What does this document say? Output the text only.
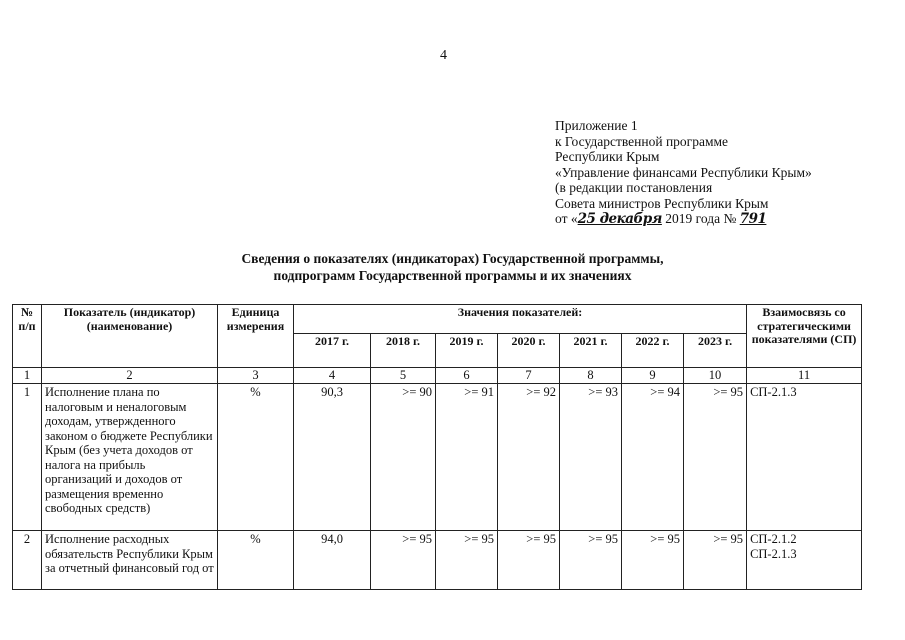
4
Приложение 1
к Государственной программе
Республики Крым
«Управление финансами Республики Крым»
(в редакции постановления
Совета министров Республики Крым
от «25 декабря 2019 года № 791
Сведения о показателях (индикаторах) Государственной программы,
подпрограмм Государственной программы и их значениях
№ п/п	Показатель (индикатор) (наименование)	Единица измерения	Значения показателей:							Взаимосвязь со стратегическими показателями (СП)
			2017 г.	2018 г.	2019 г.	2020 г.	2021 г.	2022 г.	2023 г.	
1	2	3	4	5	6	7	8	9	10	11
1	Исполнение плана по налоговым и неналоговым доходам, утвержденного законом о бюджете Республики Крым (без учета доходов от налога на прибыль организаций и доходов от размещения временно свободных средств)	%	90,3	>= 90	>= 91	>= 92	>= 93	>= 94	>= 95	СП-2.1.3

2	Исполнение расходных обязательств Республики Крым за отчетный финансовый год от	%	94,0	>= 95	>= 95	>= 95	>= 95	>= 95	>= 95	СП-2.1.2
СП-2.1.3
